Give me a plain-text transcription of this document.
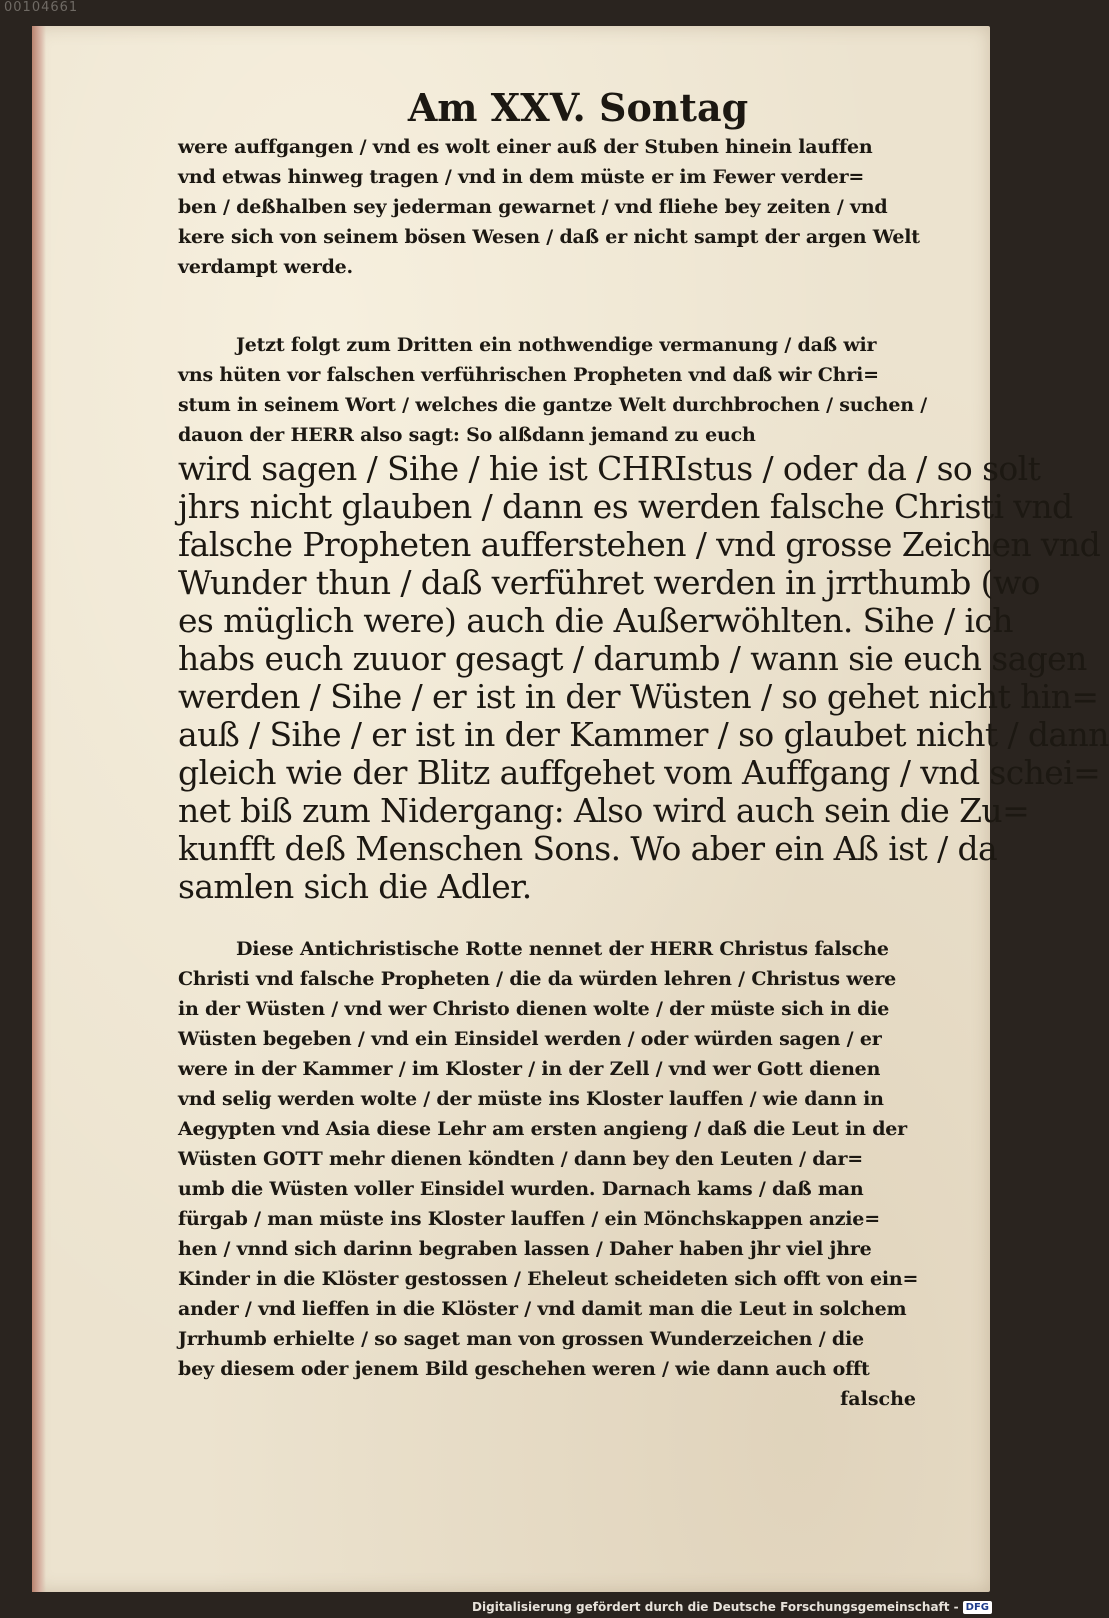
00104661
Am XXV. Sontag
were auffgangen / vnd es wolt einer auß der Stuben hinein lauffen
vnd etwas hinweg tragen / vnd in dem müste er im Fewer verder=
ben / deßhalben sey jederman gewarnet / vnd fliehe bey zeiten / vnd
kere sich von seinem bösen Wesen / daß er nicht sampt der argen Welt
verdampt werde.
Jetzt folgt zum Dritten ein nothwendige vermanung / daß wir
vns hüten vor falschen verführischen Propheten vnd daß wir Chri=
stum in seinem Wort / welches die gantze Welt durchbrochen / suchen /
dauon der HERR also sagt: So alßdann jemand zu euch
wird sagen / Sihe / hie ist CHRIstus / oder da / so solt
jhrs nicht glauben / dann es werden falsche Christi vnd
falsche Propheten aufferstehen / vnd grosse Zeichen vnd
Wunder thun / daß verführet werden in jrrthumb (wo
es müglich were) auch die Außerwöhlten. Sihe / ich
habs euch zuuor gesagt / darumb / wann sie euch sagen
werden / Sihe / er ist in der Wüsten / so gehet nicht hin=
auß / Sihe / er ist in der Kammer / so glaubet nicht / dann
gleich wie der Blitz auffgehet vom Auffgang / vnd schei=
net biß zum Nidergang: Also wird auch sein die Zu=
kunfft deß Menschen Sons. Wo aber ein Aß ist / da
samlen sich die Adler.
Diese Antichristische Rotte nennet der HERR Christus falsche
Christi vnd falsche Propheten / die da würden lehren / Christus were
in der Wüsten / vnd wer Christo dienen wolte / der müste sich in die
Wüsten begeben / vnd ein Einsidel werden / oder würden sagen / er
were in der Kammer / im Kloster / in der Zell / vnd wer Gott dienen
vnd selig werden wolte / der müste ins Kloster lauffen / wie dann in
Aegypten vnd Asia diese Lehr am ersten angieng / daß die Leut in der
Wüsten GOTT mehr dienen köndten / dann bey den Leuten / dar=
umb die Wüsten voller Einsidel wurden. Darnach kams / daß man
fürgab / man müste ins Kloster lauffen / ein Mönchskappen anzie=
hen / vnnd sich darinn begraben lassen / Daher haben jhr viel jhre
Kinder in die Klöster gestossen / Eheleut scheideten sich offt von ein=
ander / vnd lieffen in die Klöster / vnd damit man die Leut in solchem
Jrrhumb erhielte / so saget man von grossen Wunderzeichen / die
bey diesem oder jenem Bild geschehen weren / wie dann auch offt
falsche
Digitalisierung gefördert durch die Deutsche Forschungsgemeinschaft - DFG
